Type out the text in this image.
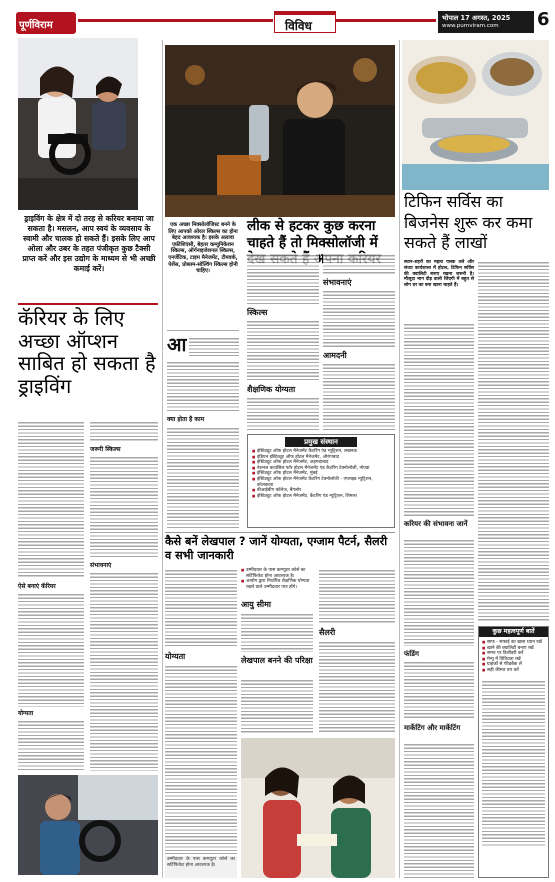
पूर्णविराम	विविध
भोपाल 17 अगस्त, 2025
www.purnviram.com 6
ड्राइविंग के क्षेत्र में दो तरह से करियर बनाया जा सकता है। मसलन, आप स्वयं के व्यवसाय के स्वामी और चालक हो सकते हैं। इसके लिए आप ओला और उबर के तहत पंजीकृत कुछ टैक्सी प्राप्त करें और इस उद्योग के माध्यम से भी अच्छी कमाई करें।
कॅरियर के लिए अच्छा ऑप्शन साबित हो सकता है ड्राइविंग
ऐसे बनाएं कॅरियर
योग्यता
जरूरी स्किल्स
संभावनाएं
एक अच्छा मिक्सोलॉजिस्ट बनने के लिए आपको ओरल स्किल्स का होना बेहद आवश्यक है। इसके अलावा एफ़ीशिएंसी, बेहतर कम्युनिकेशन स्किल्स, ऑर्गनाइजेशनल स्किल्स, एनर्जेटिक, टाइम मैनेजमेंट, टीमवर्क, पेशेंस, प्रोब्लम-सॉल्विंग स्किल्स होनी चाहिए।
लीक से हटकर कुछ करना चाहते हैं तो मिक्सोलॉजी में
आ
क्या होता है काम
स्किल्स
शैक्षणिक योग्यता
संभावनाएं
आमदनी
प्रमुख संस्थान
■ इंस्टिट्यूट ऑफ होटल मैनेजमेंट कैटरिंग एंड न्यूट्रिशन, लखनऊ
■ इंडियन इंस्टिट्यूट ऑफ होटल मैनेजमेंट, औरंगाबाद
■ इंस्टिट्यूट ऑफ होटल मैनेजमेंट, अहमदाबाद
■ नेशनल काउंसिल फॉर होटल मैनेजमेंट एंड कैटरिंग टेक्नोलॉजी, नोएडा
■ इंस्टिट्यूट ऑफ होटल मैनेजमेंट, मुंबई
■ इंस्टिट्यूट ऑफ होटल मैनेजमेंट कैटरिंग टेक्नोलॉजी - एप्लाइड न्यूट्रिशन, कोलकाता
■ बीआईबीए कॉलेज, बैंगलोर
■ इंस्टिट्यूट ऑफ होटल मैनेजमेंट, कैटरिंग एंड न्यूट्रिशन, शिमला
कैसे बनें लेखपाल ? जानें योग्यता, एग्जाम पैटर्न, सैलरी व सभी जानकारी
योग्यता
उम्मीदवार के पास कम्प्यूटर कोर्स का सर्टिफिकेट होना आवश्यक है।
■ उम्मीदवार के पास कम्प्यूटर कोर्स का सर्टिफिकेट होना आवश्यक है।
■ आयोग द्वारा निर्धारित शैक्षणिक योग्यता रखने वाले उम्मीदवार पात्र होंगे।
आयु सीमा
लेखपाल बनने की परिक्षा
सैलरी
टिफिन सर्विस का बिजनेस शुरू कर कमा सकते हैं लाखों
स्थान-शहरों का महत्व पलक तले और संध्या कार्यशाला में होटल, टिफिन सर्विस की क्वालिटी बनाए रखना जरूरी है। मौजूदा भाग दौड़ वाली जिंदगी में बहुत से लोग घर का बना खाना चाहते हैं।
करियर की संभावना जानें
फंडिंग
मार्केटिंग और मार्केटिंग
कुछ महत्वपूर्ण बातें
■ साफ - सफाई का खास ध्यान रखें
■ खाने की क्वालिटी बनाए रखें
■ समय पर डिलीवरी करें
■ मेन्यू में विविधता रखें
■ ग्राहकों से फीडबैक लें
■ सही कीमत तय करें
